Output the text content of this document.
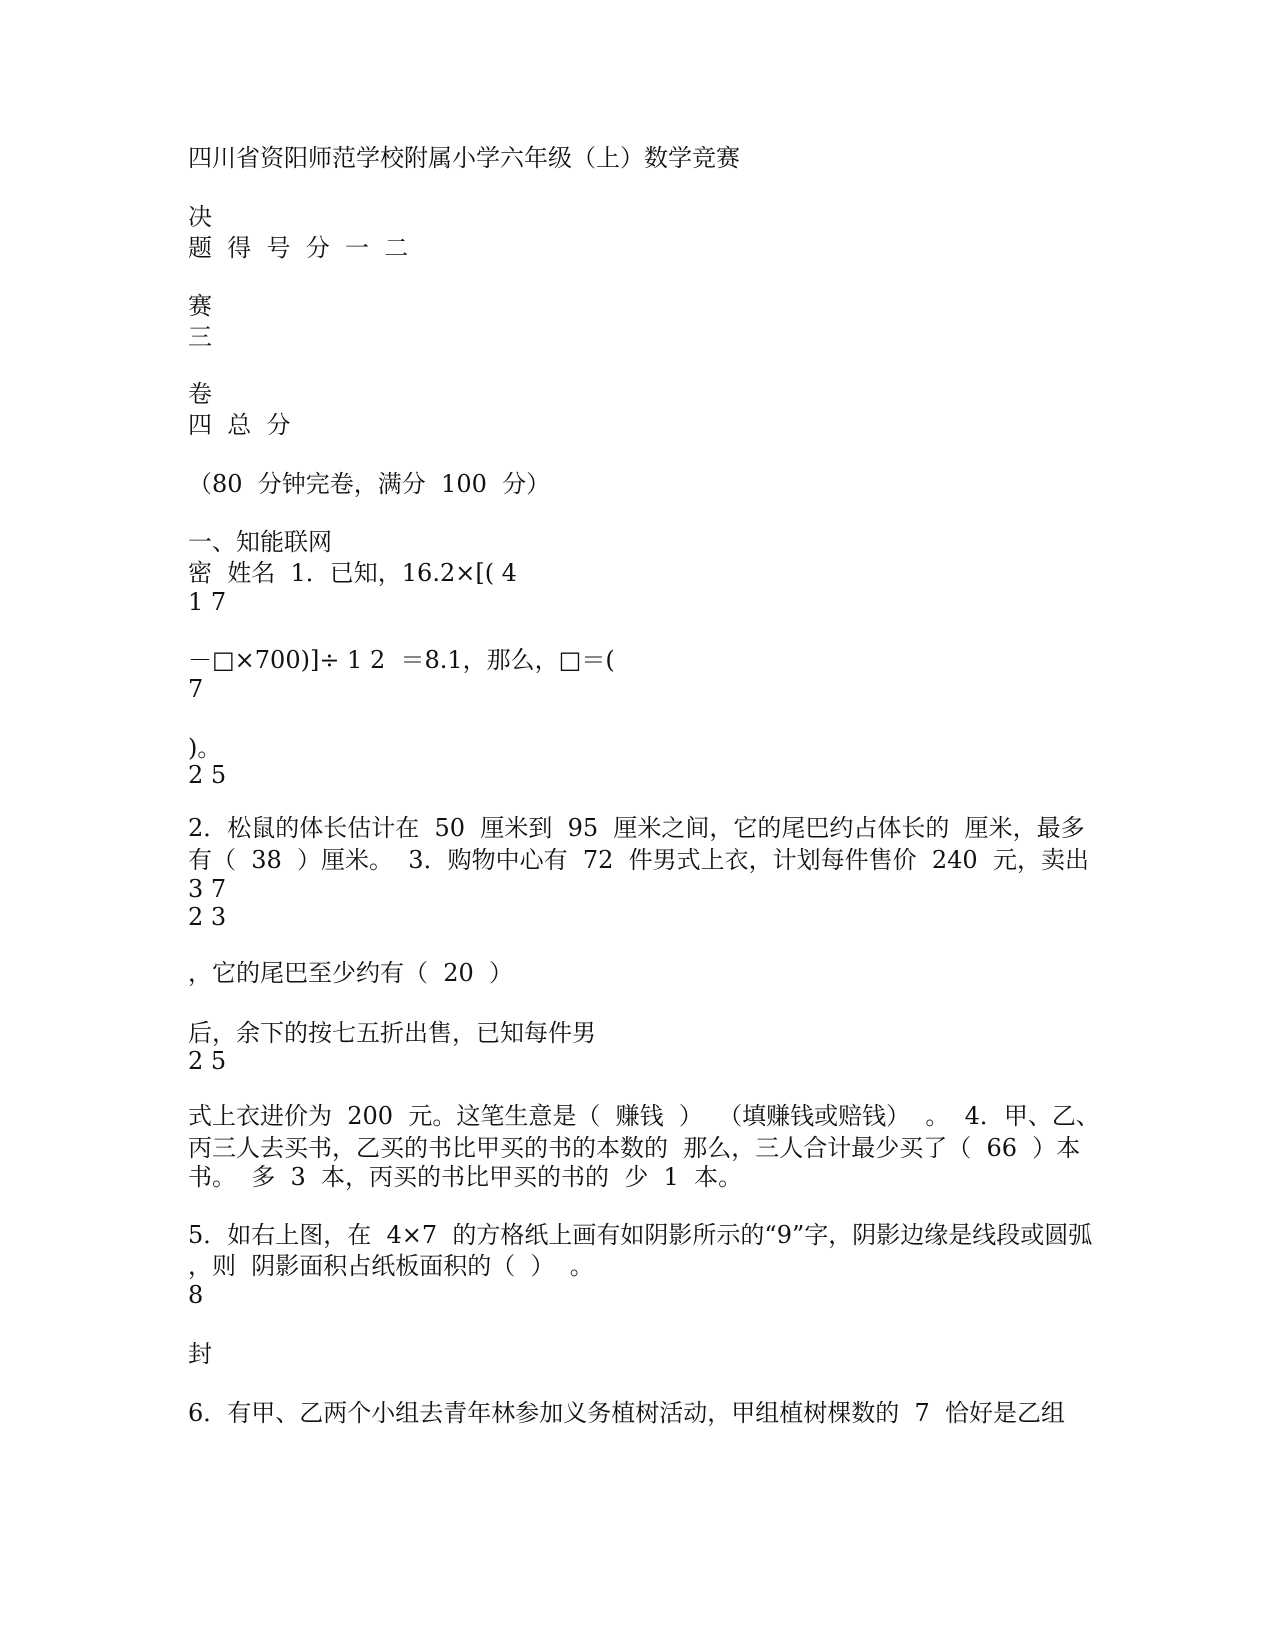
四川省资阳师范学校附属小学六年级（上）数学竞赛
决
题  得  号  分  一  二
赛
三
卷
四  总  分
（80  分钟完卷，满分  100  分）
一、知能联网
密  姓名  1．已知，16.2×[( 4
1 7
－□×700)]÷ 1 2  ＝8.1，那么，□＝(
7
)。
2 5
2．松鼠的体长估计在  50  厘米到  95  厘米之间，它的尾巴约占体长的  厘米，最多
有（  38  ）厘米。  3．购物中心有  72  件男式上衣，计划每件售价  240  元，卖出
3 7
2 3
，它的尾巴至少约有（  20  ）
后，余下的按七五折出售，已知每件男
2 5
式上衣进价为  200  元。这笔生意是（  赚钱  ）  （填赚钱或赔钱）  。  4．甲、乙、
丙三人去买书，乙买的书比甲买的书的本数的  那么，三人合计最少买了（  66  ）本
书。  多  3  本，丙买的书比甲买的书的  少  1  本。
5．如右上图，在  4×7  的方格纸上画有如阴影所示的“9”字，阴影边缘是线段或圆弧
，则  阴影面积占纸板面积的（  ）  。
8
封
6．有甲、乙两个小组去青年林参加义务植树活动，甲组植树棵数的  7  恰好是乙组
